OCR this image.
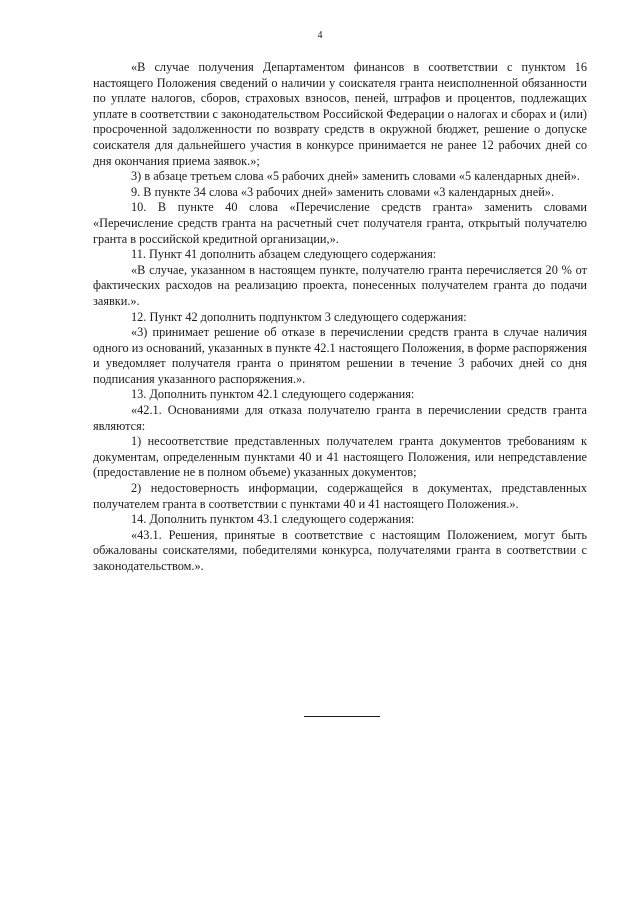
4

«В случае получения Департаментом финансов в соответствии с пунктом 16 настоящего Положения сведений о наличии у соискателя гранта неисполненной обязанности по уплате налогов, сборов, страховых взносов, пеней, штрафов и процентов, подлежащих уплате в соответствии с законодательством Российской Федерации о налогах и сборах и (или) просроченной задолженности по возврату средств в окружной бюджет, решение о допуске соискателя для дальнейшего участия в конкурсе принимается не ранее 12 рабочих дней со дня окончания приема заявок.»;

3) в абзаце третьем слова «5 рабочих дней» заменить словами «5 календарных дней».

9. В пункте 34 слова «3 рабочих дней» заменить словами «3 календарных дней».

10. В пункте 40 слова «Перечисление средств гранта» заменить словами «Перечисление средств гранта на расчетный счет получателя гранта, открытый получателю гранта в российской кредитной организации,».

11. Пункт 41 дополнить абзацем следующего содержания:

«В случае, указанном в настоящем пункте, получателю гранта перечисляется 20 % от фактических расходов на реализацию проекта, понесенных получателем гранта до подачи заявки.».

12. Пункт 42 дополнить подпунктом 3 следующего содержания:

«3) принимает решение об отказе в перечислении средств гранта в случае наличия одного из оснований, указанных в пункте 42.1 настоящего Положения, в форме распоряжения и уведомляет получателя гранта о принятом решении в течение 3 рабочих дней со дня подписания указанного распоряжения.».

13. Дополнить пунктом 42.1 следующего содержания:

«42.1. Основаниями для отказа получателю гранта в перечислении средств гранта являются:

1) несоответствие представленных получателем гранта документов требованиям к документам, определенным пунктами 40 и 41 настоящего Положения, или непредставление (предоставление не в полном объеме) указанных документов;

2) недостоверность информации, содержащейся в документах, представленных получателем гранта в соответствии с пунктами 40 и 41 настоящего Положения.».

14. Дополнить пунктом 43.1 следующего содержания:

«43.1. Решения, принятые в соответствие с настоящим Положением, могут быть обжалованы соискателями, победителями конкурса, получателями гранта в соответствии с законодательством.».
